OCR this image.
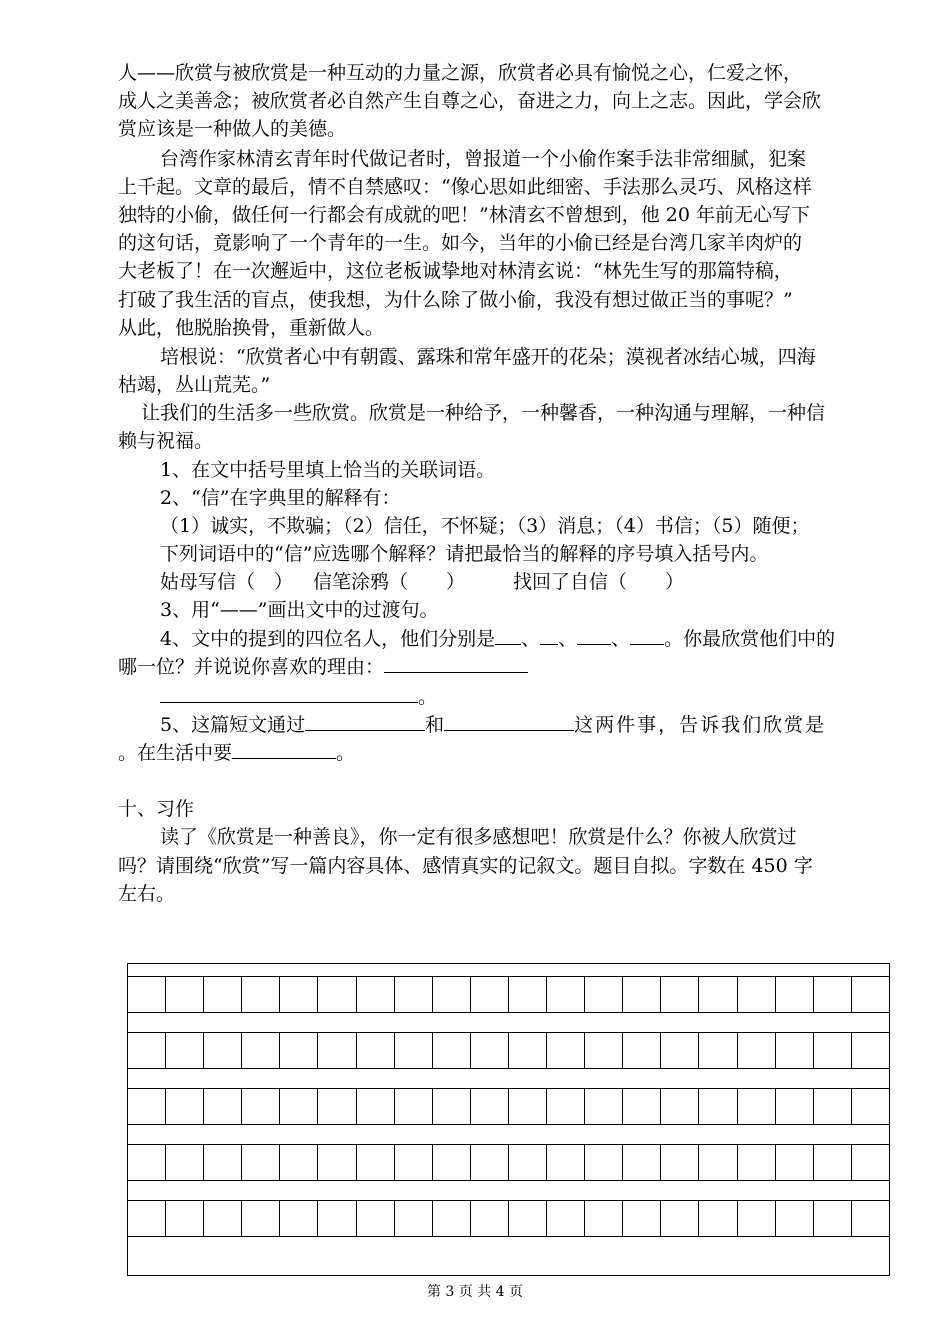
人——欣赏与被欣赏是一种互动的力量之源，欣赏者必具有愉悦之心，仁爱之怀，
成人之美善念；被欣赏者必自然产生自尊之心，奋进之力，向上之志。因此，学会欣
赏应该是一种做人的美德。
台湾作家林清玄青年时代做记者时，曾报道一个小偷作案手法非常细腻，犯案
上千起。文章的最后，情不自禁感叹：“像心思如此细密、手法那么灵巧、风格这样
独特的小偷，做任何一行都会有成就的吧！”林清玄不曾想到，他 20 年前无心写下
的这句话，竟影响了一个青年的一生。如今，当年的小偷已经是台湾几家羊肉炉的
大老板了！在一次邂逅中，这位老板诚挚地对林清玄说：“林先生写的那篇特稿，
打破了我生活的盲点，使我想，为什么除了做小偷，我没有想过做正当的事呢？”
从此，他脱胎换骨，重新做人。
培根说：“欣赏者心中有朝霞、露珠和常年盛开的花朵；漠视者冰结心城，四海
枯竭，丛山荒芜。”
让我们的生活多一些欣赏。欣赏是一种给予，一种馨香，一种沟通与理解，一种信
赖与祝福。
1、在文中括号里填上恰当的关联词语。
2、“信”在字典里的解释有：
（1）诚实，不欺骗；（2）信任，不怀疑；（3）消息；（4）书信；（5）随便；
下列词语中的“信”应选哪个解释？请把最恰当的解释的序号填入括号内。
姑母写信（　） 信笔涂鸦（　　）	找回了自信（　　）
3、用“——”画出文中的过渡句。
4、文中的提到的四位名人，他们分别是 、 、 、 。你最欣赏他们中的
哪一位？并说说你喜欢的理由：
。
5、这篇短文通过	和	这两件事，告诉我们欣赏是
。在生活中要	。
十、习作
读了《欣赏是一种善良》，你一定有很多感想吧！欣赏是什么？你被人欣赏过
吗？请围绕“欣赏”写一篇内容具体、感情真实的记叙文。题目自拟。字数在 450 字
左右。
第 3 页 共 4 页
